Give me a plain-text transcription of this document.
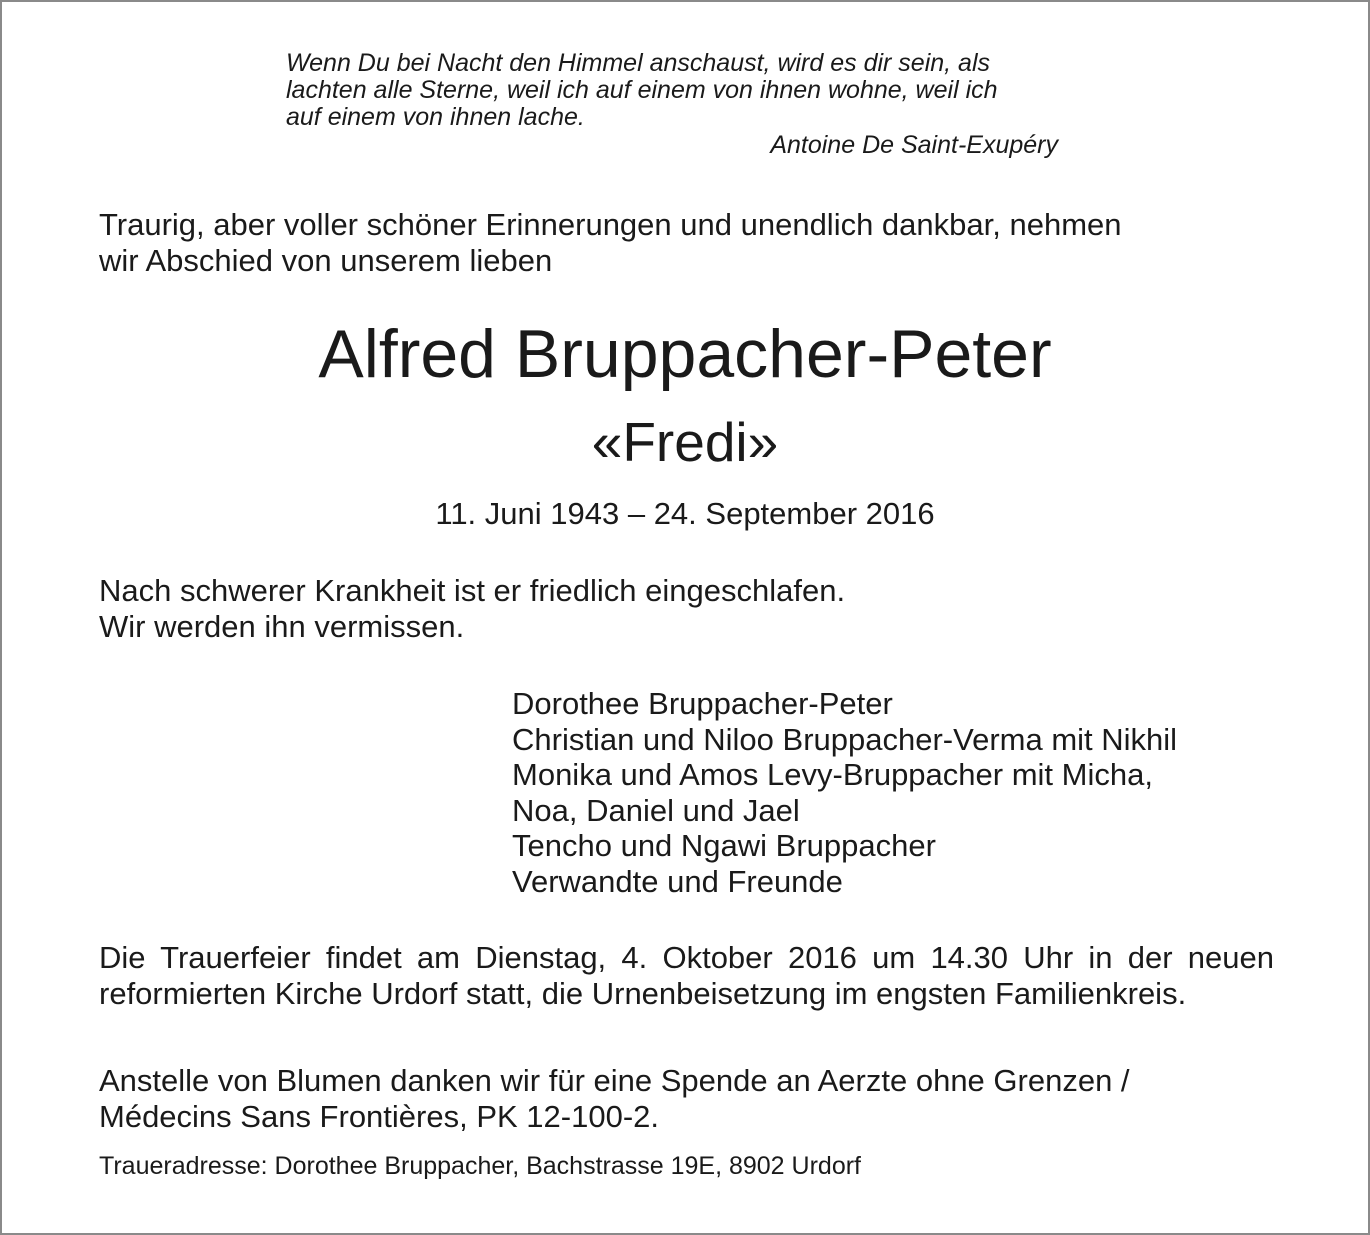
Wenn Du bei Nacht den Himmel anschaust, wird es dir sein, als
lachten alle Sterne, weil ich auf einem von ihnen wohne, weil ich
auf einem von ihnen lache.
Antoine De Saint-Exupéry
Traurig, aber voller schöner Erinnerungen und unendlich dankbar, nehmen
wir Abschied von unserem lieben
Alfred Bruppacher-Peter
«Fredi»
11. Juni 1943 – 24. September 2016
Nach schwerer Krankheit ist er friedlich eingeschlafen.
Wir werden ihn vermissen.
Dorothee Bruppacher-Peter
Christian und Niloo Bruppacher-Verma mit Nikhil
Monika und Amos Levy-Bruppacher mit Micha,
Noa, Daniel und Jael
Tencho und Ngawi Bruppacher
Verwandte und Freunde
Die Trauerfeier findet am Dienstag, 4. Oktober 2016 um 14.30 Uhr in der neuen reformierten Kirche Urdorf statt, die Urnenbeisetzung im engsten Familienkreis.
Anstelle von Blumen danken wir für eine Spende an Aerzte ohne Grenzen /
Médecins Sans Frontières, PK 12-100-2.
Traueradresse: Dorothee Bruppacher, Bachstrasse 19E, 8902 Urdorf
